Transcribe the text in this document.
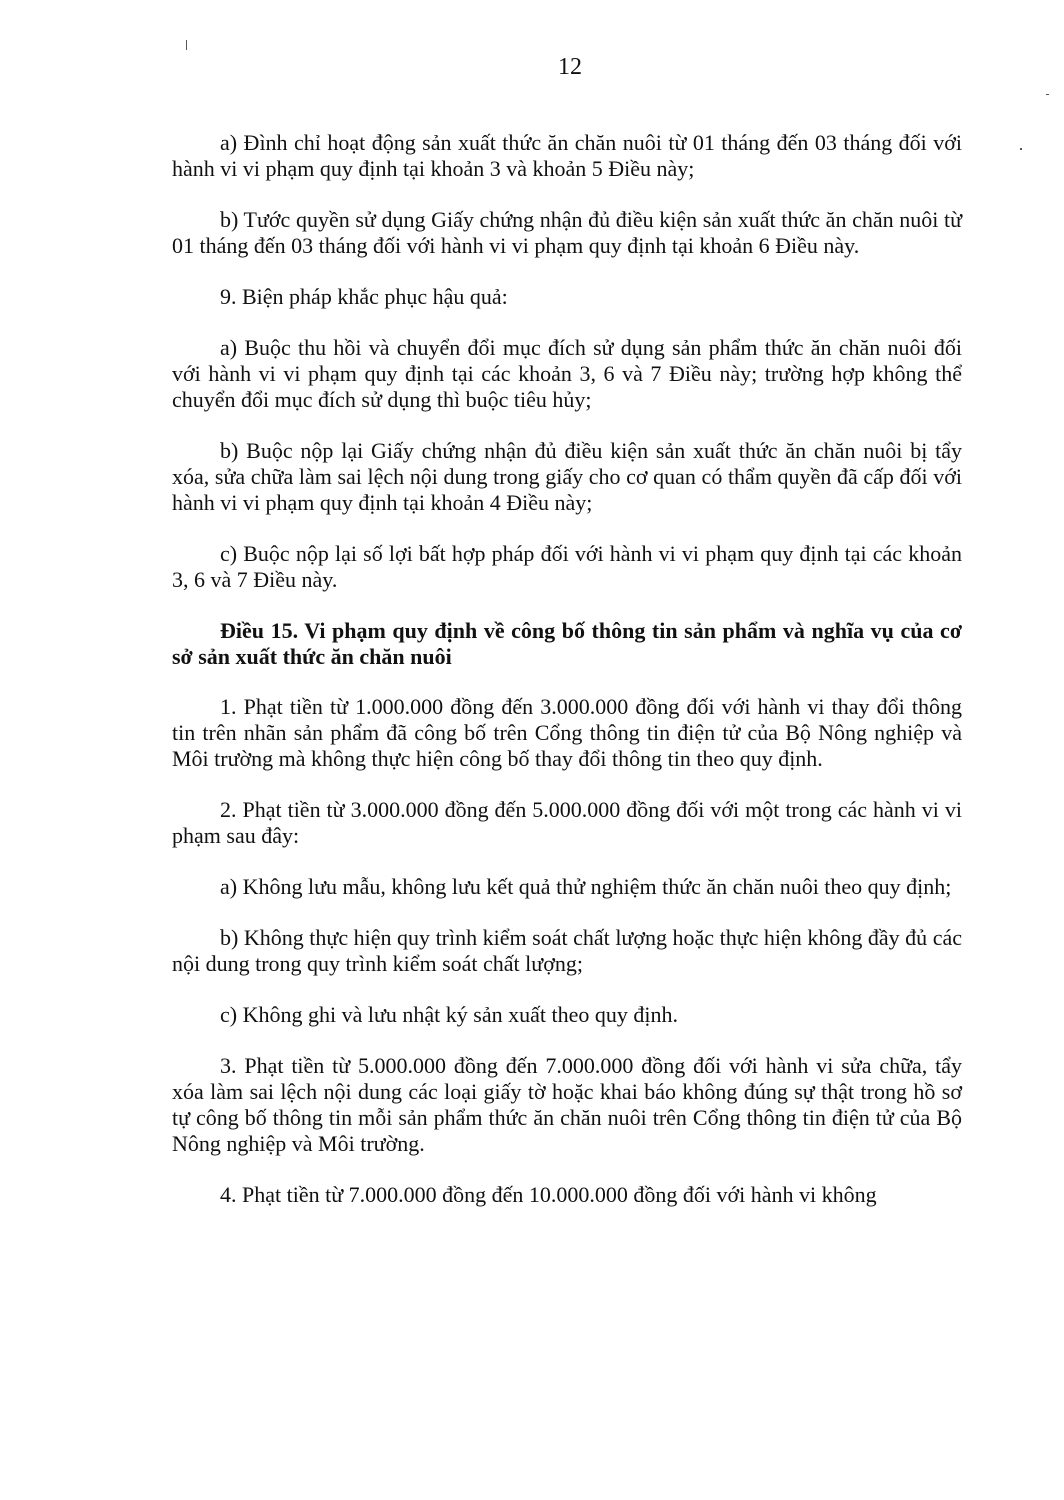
12

a) Đình chỉ hoạt động sản xuất thức ăn chăn nuôi từ 01 tháng đến 03 tháng đối với hành vi vi phạm quy định tại khoản 3 và khoản 5 Điều này;

b) Tước quyền sử dụng Giấy chứng nhận đủ điều kiện sản xuất thức ăn chăn nuôi từ 01 tháng đến 03 tháng đối với hành vi vi phạm quy định tại khoản 6 Điều này.

9. Biện pháp khắc phục hậu quả:

a) Buộc thu hồi và chuyển đổi mục đích sử dụng sản phẩm thức ăn chăn nuôi đối với hành vi vi phạm quy định tại các khoản 3, 6 và 7 Điều này; trường hợp không thể chuyển đổi mục đích sử dụng thì buộc tiêu hủy;

b) Buộc nộp lại Giấy chứng nhận đủ điều kiện sản xuất thức ăn chăn nuôi bị tẩy xóa, sửa chữa làm sai lệch nội dung trong giấy cho cơ quan có thẩm quyền đã cấp đối với hành vi vi phạm quy định tại khoản 4 Điều này;

c) Buộc nộp lại số lợi bất hợp pháp đối với hành vi vi phạm quy định tại các khoản 3, 6 và 7 Điều này.

Điều 15. Vi phạm quy định về công bố thông tin sản phẩm và nghĩa vụ của cơ sở sản xuất thức ăn chăn nuôi

1. Phạt tiền từ 1.000.000 đồng đến 3.000.000 đồng đối với hành vi thay đổi thông tin trên nhãn sản phẩm đã công bố trên Cổng thông tin điện tử của Bộ Nông nghiệp và Môi trường mà không thực hiện công bố thay đổi thông tin theo quy định.

2. Phạt tiền từ 3.000.000 đồng đến 5.000.000 đồng đối với một trong các hành vi vi phạm sau đây:

a) Không lưu mẫu, không lưu kết quả thử nghiệm thức ăn chăn nuôi theo quy định;

b) Không thực hiện quy trình kiểm soát chất lượng hoặc thực hiện không đầy đủ các nội dung trong quy trình kiểm soát chất lượng;

c) Không ghi và lưu nhật ký sản xuất theo quy định.

3. Phạt tiền từ 5.000.000 đồng đến 7.000.000 đồng đối với hành vi sửa chữa, tẩy xóa làm sai lệch nội dung các loại giấy tờ hoặc khai báo không đúng sự thật trong hồ sơ tự công bố thông tin mỗi sản phẩm thức ăn chăn nuôi trên Cổng thông tin điện tử của Bộ Nông nghiệp và Môi trường.

4. Phạt tiền từ 7.000.000 đồng đến 10.000.000 đồng đối với hành vi không
